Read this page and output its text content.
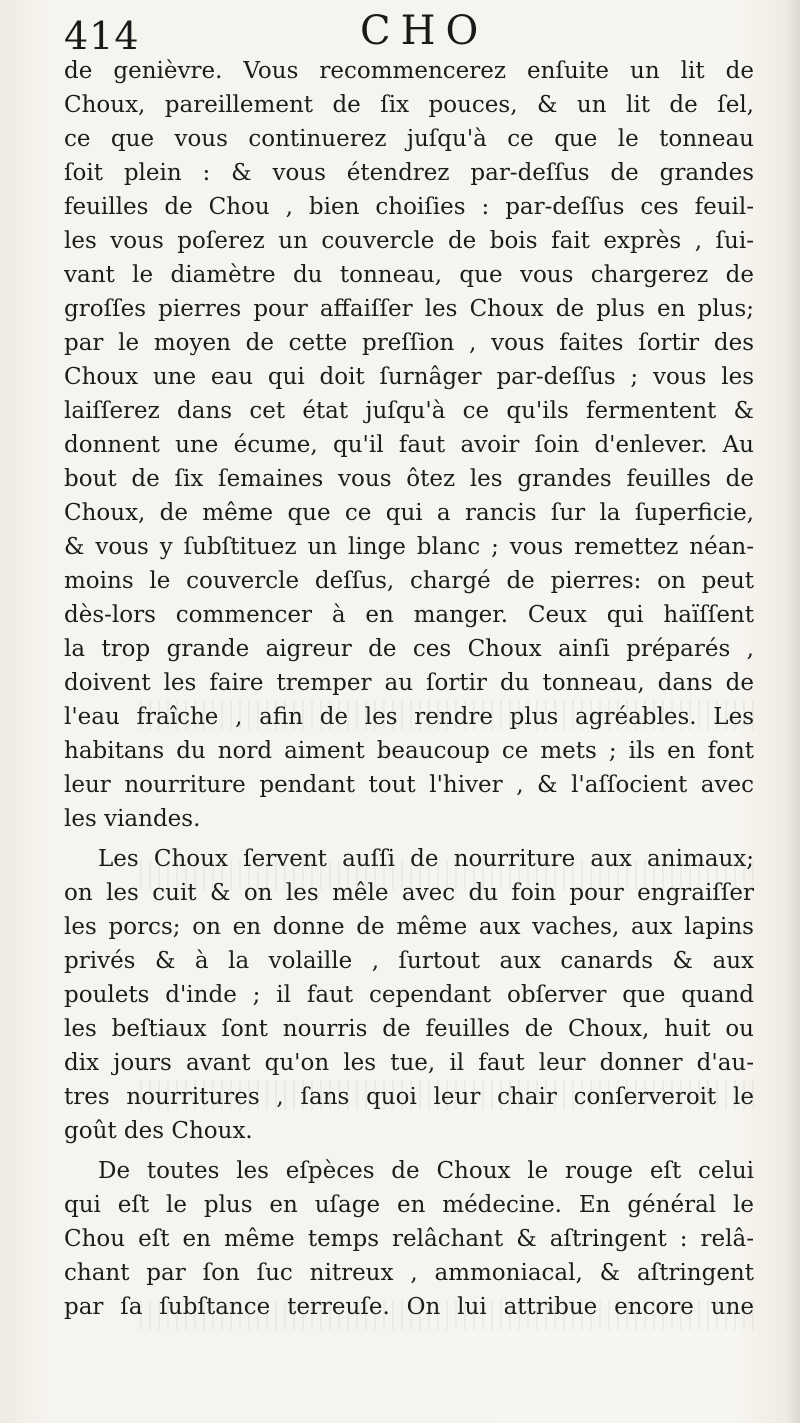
414	CHO
de genièvre. Vous recommencerez enſuite un lit de
Choux, pareillement de ſix pouces, & un lit de ſel,
ce que vous continuerez juſqu'à ce que le tonneau
ſoit plein : & vous étendrez par-deſſus de grandes
feuilles de Chou , bien choiſies : par-deſſus ces feuil-
les vous poſerez un couvercle de bois fait exprès , ſui-
vant le diamètre du tonneau, que vous chargerez de
groſſes pierres pour affaiſſer les Choux de plus en plus;
par le moyen de cette preſſion , vous faites ſortir des
Choux une eau qui doit ſurnâger par-deſſus ; vous les
laiſſerez dans cet état juſqu'à ce qu'ils fermentent &
donnent une écume, qu'il faut avoir ſoin d'enlever. Au
bout de ſix ſemaines vous ôtez les grandes feuilles de
Choux, de même que ce qui a rancis ſur la ſuperficie,
& vous y ſubſtituez un linge blanc ; vous remettez néan-
moins le couvercle deſſus, chargé de pierres: on peut
dès-lors commencer à en manger. Ceux qui haïſſent
la trop grande aigreur de ces Choux ainſi préparés ,
doivent les faire tremper au ſortir du tonneau, dans de
l'eau fraîche , afin de les rendre plus agréables. Les
habitans du nord aiment beaucoup ce mets ; ils en font
leur nourriture pendant tout l'hiver , & l'aſſocient avec
les viandes.
Les Choux ſervent auſſi de nourriture aux animaux;
on les cuit & on les mêle avec du foin pour engraiſſer
les porcs; on en donne de même aux vaches, aux lapins
privés & à la volaille , ſurtout aux canards & aux
poulets d'inde ; il faut cependant obſerver que quand
les beſtiaux ſont nourris de feuilles de Choux, huit ou
dix jours avant qu'on les tue, il faut leur donner d'au-
tres nourritures , ſans quoi leur chair conſerveroit le
goût des Choux.
De toutes les eſpèces de Choux le rouge eſt celui
qui eſt le plus en uſage en médecine. En général le
Chou eſt en même temps relâchant & aſtringent : relâ-
chant par ſon ſuc nitreux , ammoniacal, & aſtringent
par ſa ſubſtance terreuſe. On lui attribue encore une
